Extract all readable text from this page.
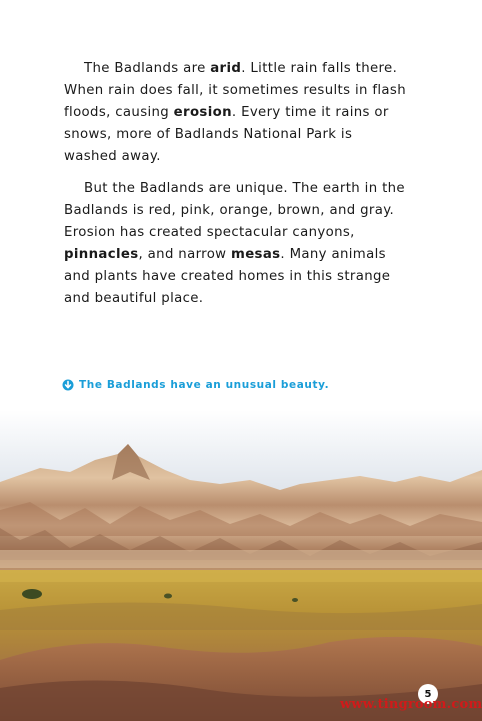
The Badlands are arid. Little rain falls there. When rain does fall, it sometimes results in flash floods, causing erosion. Every time it rains or snows, more of Badlands National Park is washed away.

But the Badlands are unique. The earth in the Badlands is red, pink, orange, brown, and gray. Erosion has created spectacular canyons, pinnacles, and narrow mesas. Many animals and plants have created homes in this strange and beautiful place.

The Badlands have an unusual beauty.
5
www.tingroom.com
